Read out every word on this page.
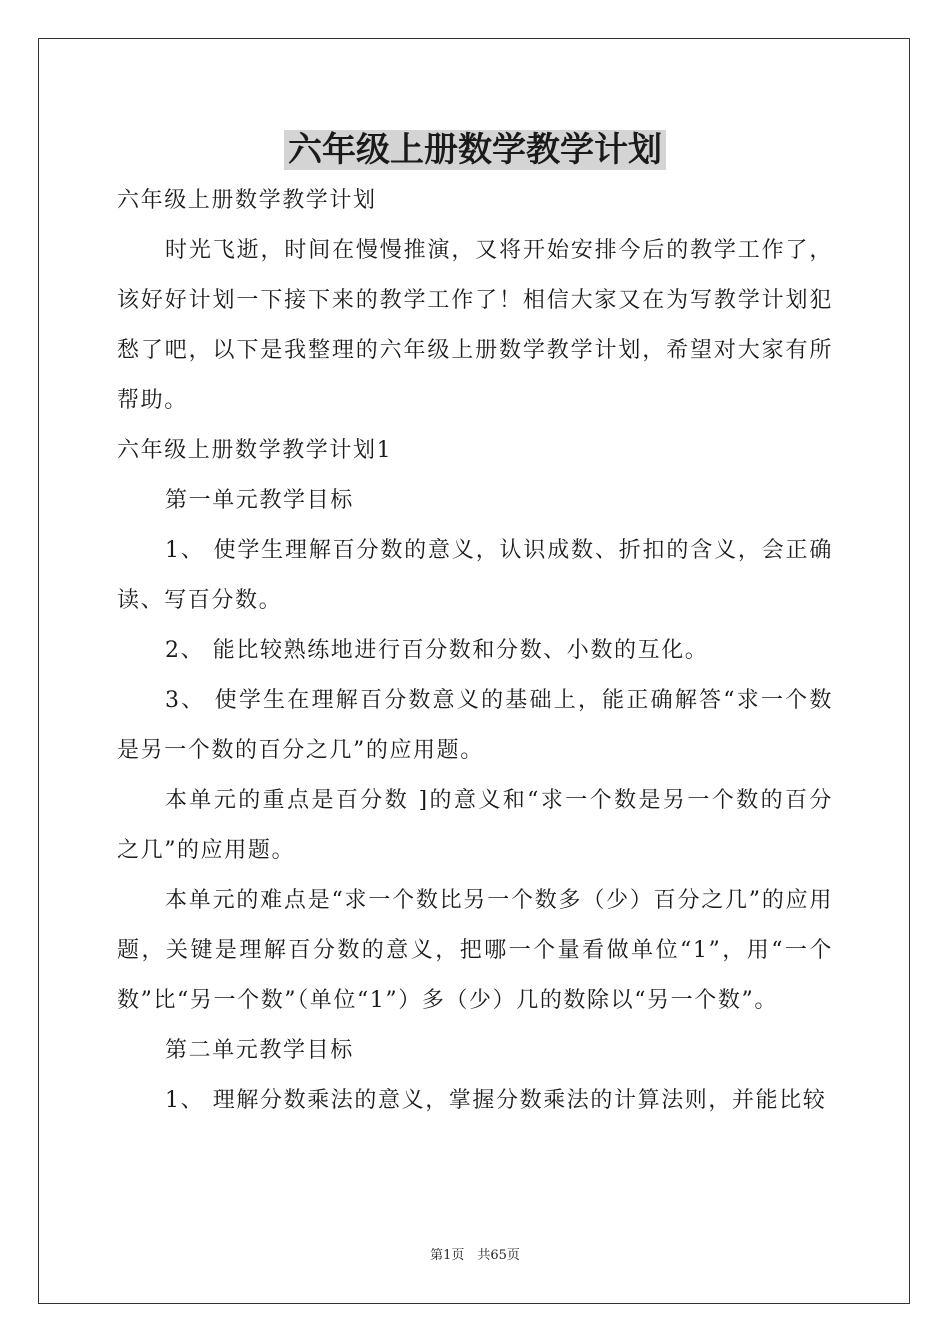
六年级上册数学教学计划

六年级上册数学教学计划

时光飞逝，时间在慢慢推演，又将开始安排今后的教学工作了，该好好计划一下接下来的教学工作了！相信大家又在为写教学计划犯愁了吧，以下是我整理的六年级上册数学教学计划，希望对大家有所帮助。

六年级上册数学教学计划1

第一单元教学目标

1、 使学生理解百分数的意义，认识成数、折扣的含义，会正确读、写百分数。

2、 能比较熟练地进行百分数和分数、小数的互化。

3、 使学生在理解百分数意义的基础上，能正确解答“求一个数是另一个数的百分之几”的应用题。

本单元的重点是百分数 ]的意义和“求一个数是另一个数的百分之几”的应用题。

本单元的难点是“求一个数比另一个数多（少）百分之几”的应用题，关键是理解百分数的意义，把哪一个量看做单位“1”，用“一个数”比“另一个数”（单位“1”）多（少）几的数除以“另一个数”。

第二单元教学目标

1、 理解分数乘法的意义，掌握分数乘法的计算法则，并能比较

第1页　共65页
